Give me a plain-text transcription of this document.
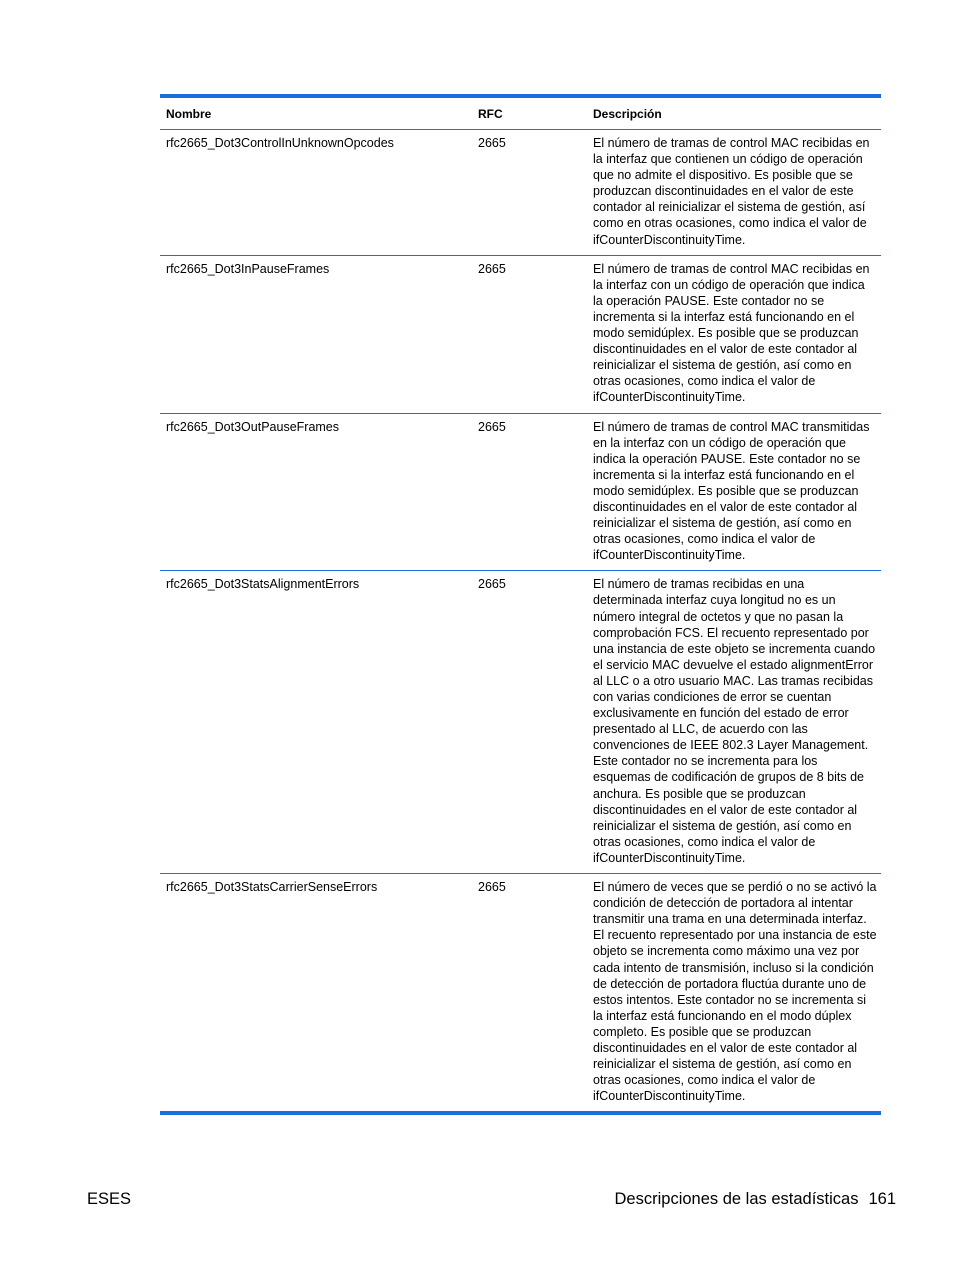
Nombre	RFC	Descripción
rfc2665_Dot3ControlInUnknownOpcodes	2665	El número de tramas de control MAC recibidas en la interfaz que contienen un código de operación que no admite el dispositivo. Es posible que se produzcan discontinuidades en el valor de este contador al reinicializar el sistema de gestión, así como en otras ocasiones, como indica el valor de ifCounterDiscontinuityTime.
rfc2665_Dot3InPauseFrames	2665	El número de tramas de control MAC recibidas en la interfaz con un código de operación que indica la operación PAUSE. Este contador no se incrementa si la interfaz está funcionando en el modo semidúplex. Es posible que se produzcan discontinuidades en el valor de este contador al reinicializar el sistema de gestión, así como en otras ocasiones, como indica el valor de ifCounterDiscontinuityTime.
rfc2665_Dot3OutPauseFrames	2665	El número de tramas de control MAC transmitidas en la interfaz con un código de operación que indica la operación PAUSE. Este contador no se incrementa si la interfaz está funcionando en el modo semidúplex. Es posible que se produzcan discontinuidades en el valor de este contador al reinicializar el sistema de gestión, así como en otras ocasiones, como indica el valor de ifCounterDiscontinuityTime.
rfc2665_Dot3StatsAlignmentErrors	2665	El número de tramas recibidas en una determinada interfaz cuya longitud no es un número integral de octetos y que no pasan la comprobación FCS. El recuento representado por una instancia de este objeto se incrementa cuando el servicio MAC devuelve el estado alignmentError al LLC o a otro usuario MAC. Las tramas recibidas con varias condiciones de error se cuentan exclusivamente en función del estado de error presentado al LLC, de acuerdo con las convenciones de IEEE 802.3 Layer Management. Este contador no se incrementa para los esquemas de codificación de grupos de 8 bits de anchura. Es posible que se produzcan discontinuidades en el valor de este contador al reinicializar el sistema de gestión, así como en otras ocasiones, como indica el valor de ifCounterDiscontinuityTime.
rfc2665_Dot3StatsCarrierSenseErrors	2665	El número de veces que se perdió o no se activó la condición de detección de portadora al intentar transmitir una trama en una determinada interfaz. El recuento representado por una instancia de este objeto se incrementa como máximo una vez por cada intento de transmisión, incluso si la condición de detección de portadora fluctúa durante uno de estos intentos. Este contador no se incrementa si la interfaz está funcionando en el modo dúplex completo. Es posible que se produzcan discontinuidades en el valor de este contador al reinicializar el sistema de gestión, así como en otras ocasiones, como indica el valor de ifCounterDiscontinuityTime.
ESES	Descripciones de las estadísticas 161
